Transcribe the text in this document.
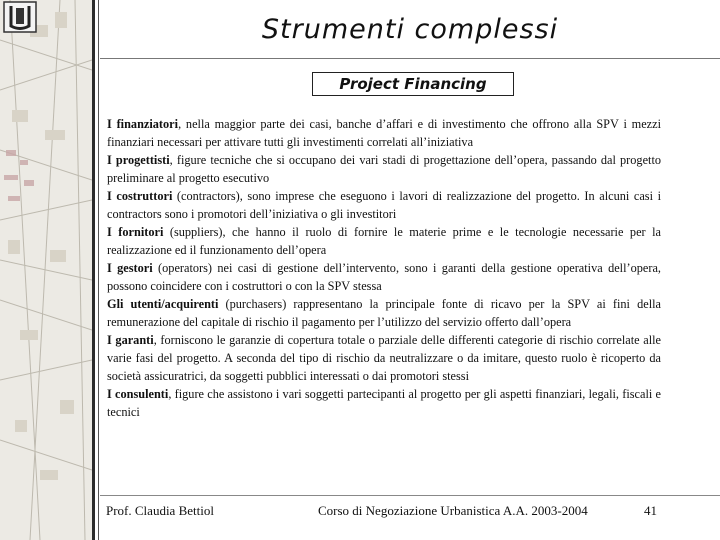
Strumenti complessi
Project Financing

I finanziatori, nella maggior parte dei casi, banche d’affari e di investimento che offrono alla SPV i mezzi finanziari necessari per attivare tutti gli investimenti correlati all’iniziativa

I progettisti, figure tecniche che si occupano dei vari stadi di progettazione dell’opera, passando dal progetto preliminare al progetto esecutivo

I costruttori (contractors), sono imprese che eseguono i lavori di realizzazione del progetto. In alcuni casi i contractors sono i promotori dell’iniziativa o gli investitori

I fornitori (suppliers), che hanno il ruolo di fornire le materie prime e le tecnologie necessarie per la realizzazione ed il funzionamento dell’opera

I gestori (operators) nei casi di gestione dell’intervento, sono i garanti della gestione operativa dell’opera, possono coincidere con i costruttori o con la SPV stessa

Gli utenti/acquirenti (purchasers) rappresentano la principale fonte di ricavo per la SPV ai fini della remunerazione del capitale di rischio il pagamento per l’utilizzo del servizio offerto dall’opera

I garanti, forniscono le garanzie di copertura totale o parziale delle differenti categorie di rischio correlate alle varie fasi del progetto. A seconda del tipo di rischio da neutralizzare o da imitare, questo ruolo è ricoperto da società assicuratrici, da soggetti pubblici interessati o dai promotori stessi

I consulenti, figure che assistono i vari soggetti partecipanti al progetto per gli aspetti finanziari, legali, fiscali e tecnici

Prof. Claudia Bettiol	Corso di Negoziazione Urbanistica A.A. 2003-2004	41
